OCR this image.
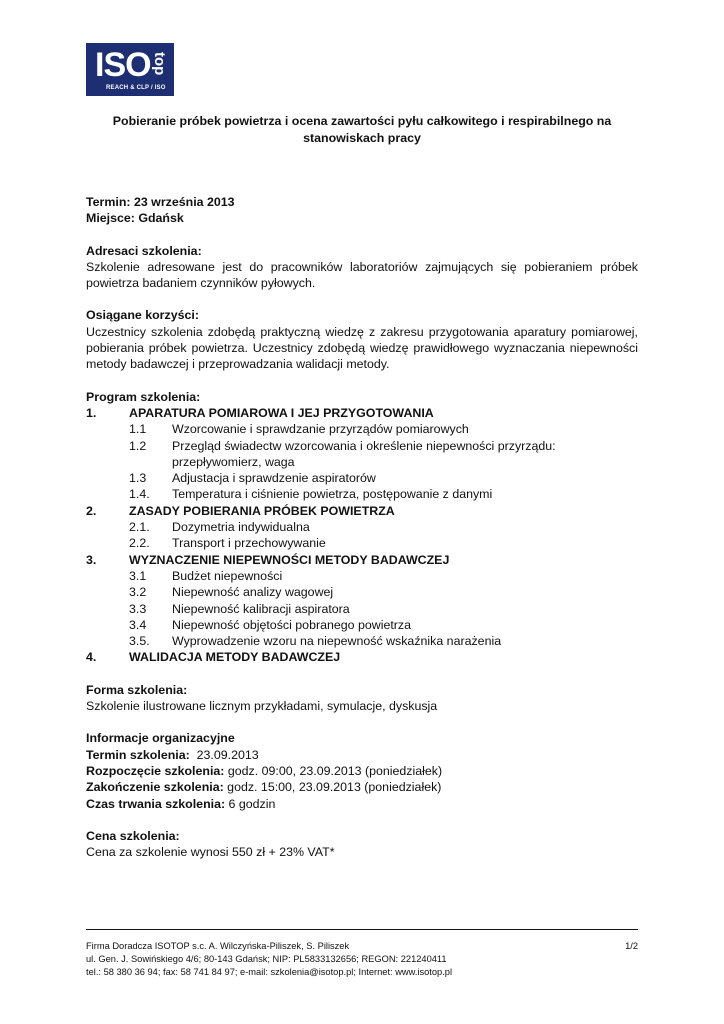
ISO top
REACH & CLP / ISO
Pobieranie próbek powietrza i ocena zawartości pyłu całkowitego i respirabilnego na stanowiskach pracy

Termin: 23 września 2013

Miejsce: Gdańsk

Adresaci szkolenia:

Szkolenie adresowane jest do pracowników laboratoriów zajmujących się pobieraniem próbek powietrza badaniem czynników pyłowych.

Osiągane korzyści:

Uczestnicy szkolenia zdobędą praktyczną wiedzę z zakresu przygotowania aparatury pomiarowej, pobierania próbek powietrza. Uczestnicy zdobędą wiedzę prawidłowego wyznaczania niepewności metody badawczej i przeprowadzania walidacji metody.

Program szkolenia:

1.	APARATURA POMIAROWA I JEJ PRZYGOTOWANIA
1.1	Wzorcowanie i sprawdzanie przyrządów pomiarowych
1.2	Przegląd świadectw wzorcowania i określenie niepewności przyrządu: przepływomierz, waga
1.3	Adjustacja i sprawdzenie aspiratorów
1.4.	Temperatura i ciśnienie powietrza, postępowanie z danymi
2.	ZASADY POBIERANIA PRÓBEK POWIETRZA
2.1.	Dozymetria indywidualna
2.2.	Transport i przechowywanie
3.	WYZNACZENIE NIEPEWNOŚCI METODY BADAWCZEJ
3.1	Budżet niepewności
3.2	Niepewność analizy wagowej
3.3	Niepewność kalibracji aspiratora
3.4	Niepewność objętości pobranego powietrza
3.5.	Wyprowadzenie wzoru na niepewność wskaźnika narażenia
4.	WALIDACJA METODY BADAWCZEJ

Forma szkolenia:

Szkolenie ilustrowane licznym przykładami, symulacje, dyskusja

Informacje organizacyjne

Termin szkolenia:  23.09.2013

Rozpoczęcie szkolenia: godz. 09:00, 23.09.2013 (poniedziałek)

Zakończenie szkolenia: godz. 15:00, 23.09.2013 (poniedziałek)

Czas trwania szkolenia: 6 godzin

Cena szkolenia:

Cena za szkolenie wynosi 550 zł + 23% VAT*

Firma Doradcza ISOTOP s.c. A. Wilczyńska-Piliszek, S. Piliszek
ul. Gen. J. Sowińskiego 4/6; 80-143 Gdańsk; NIP: PL5833132656; REGON: 221240411
tel.: 58 380 36 94; fax: 58 741 84 97; e-mail: szkolenia@isotop.pl; Internet: www.isotop.pl
1/2
